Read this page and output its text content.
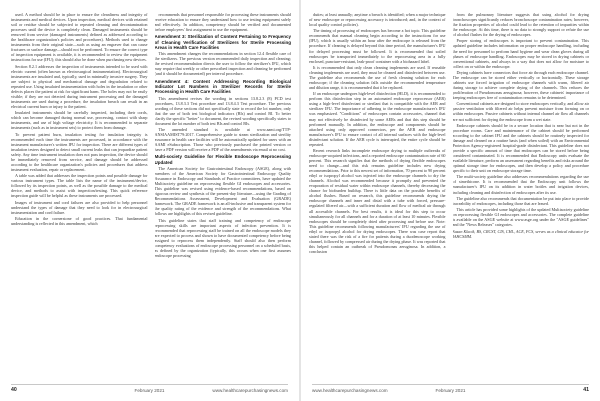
used. A method should be in place to ensure the cleanliness and integrity of instruments and medical devices. Upon inspection, medical devices with retained soil or residue should be subjected to repeated cleaning and decontamination processes until the device is completely clean. Damaged instruments should be removed from service (damaged instruments) defined as addressed according to the healthcare organization's policies and procedures). Methods used to change instruments from their original state—such as using an engraver that can cause fractures or surface damage—should not be performed. To ensure the correct type of inspection equipment is available, it is recommended to review the equipment instructions for use (IFU); this should also be done when purchasing new devices.

Section 8.2.1 addresses the inspection of instruments intended to be used with electric current (often known as electrosurgical instrumentation). Electrosurgical instruments are insulated and, typically, used in minimally invasive surgery. They are subject to physical and mechanical damage and degradation related to repeated use. Using insulated instrumentation with holes in the insulation or other defects places the patient at risk for significant harm. The holes may not be easily visible; if they are not detected during instrument processing and the damaged instruments are used during a procedure, the insulation breach can result in an electrical current burn or injury to the patient.

Insulated instruments should be carefully inspected, including their cords, which can become damaged during normal use, processing, contact with sharp instruments, and use of high voltage electricity. It is recommended to separate instruments (such as in instrument sets) to protect them from damage.

To prevent patient burn, insulation testing for insulation integrity is recommended each time the instruments are processed, in accordance with the instrument manufacturer's written IFU for inspection. There are different types of insulation testers designed to detect small current leaks that can jeopardize patient safety. Any time instrument insulation does not pass inspection, the device should be immediately removed from service, and damage should be addressed according to the healthcare organization's policies and procedures that address instrument evaluation, repair or replacement.

A table was added that addresses the inspection points and possible damage for various instrument types. The table lists the name of the instrument/device, followed by its inspection points, as well as the possible damage to the medical device, and methods to assist with inspection/testing. This quick reference inspection guide will be helpful as these instruments are processed.

Images of instrument and cord failures are also provided to help personnel understand the types of damage that they need to look for in electrosurgical instrumentation and cord failure.

Education in the cornerstone of good practices. That fundamental understanding is reflected in this amendment, which

recommends that personnel responsible for processing these instruments should receive education to ensure they understand how to use testing equipment safely and effectively. In addition, competency should be verified and documented before employees' first assignment to use the equipment.

Amendment 3: Sterilization of Content Pertaining to Frequency of Cleaning Verification of Sterilizers for Sterile Processing Areas in Health Care Facilities

This amendment changes the recommendations in section 12.4 flexible care of the sterilizers. The previous version recommended daily inspection and cleaning; the revised recommendation directs the user to follow the sterilizer's IFU, which may require that weekly or other prescribed inspection and cleaning be performed (and it should be documented) per interval procedure.

Amendment 4: Content Addressing Recording Biological Indicator Lot Numbers in Sterilizer Records for Sterile Processing in Health Care Facilities

This amendment revises the wording in sections 13.8.2.3 (8) PCD test procedures, 13.8.3.3 Test procedure and 13.8.4.3 Test procedure. The previous wording of these sections did not specifically state to record the lot number, only that the use of both test biological indicators (BIs) and control BI. To better clarify the specific "better" to document, the revised wording specifically states to document the lot number of both test BIs and control BIs.

The amended standard is available at www.aami.org/TTP-ANSIAAMIST79:2017. Comprehensive guide to steam sterilization and sterility assurance in health care facilities will be automatically updated for users with an AAMI eSubscription. Those who previously purchased the printed version or have a PDF version will receive a PDF of the amendments via email at no cost.

Multi-society Guideline for Flexible Endoscope Reprocessing Updated

The American Society for Gastrointestinal Endoscopy (ASGE), along with members of the American Society for Gastrointestinal Endoscopy Quality Assurance in Endoscopy and Standards of Practice committees, have updated the Multisociety guideline on reprocessing flexible GI endoscopes and accessories. This guideline was revised using evidence-based recommendations, based on rigorous review and synthesis of the present-day literature—using the Grading of Recommendations Assessment, Development and Evaluation (GRADE) framework. The GRADE framework is an all-inclusive and transparent system for the quality rating of the evidence and strength of the recommendations. What follows are highlights of this revised guideline.

This guideline states that staff training and competency of endoscope reprocessing skills are important aspects of infection prevention. It is recommended that reprocessing staff be trained on all the endoscope models they are expected to process and shown to have documented competency before being assigned to reprocess them independently. Staff should also then perform competency evaluations of endoscope processing personnel on a scheduled basis, as defined by the organization (typically, this occurs when one first assumes endoscope processing

40	February 2021	www.healthcarepurchasingnews.com

duties; at least annually; anytime a breach is identified; when a major technique of new endoscope or reprocessing accessory is introduced; and, in the context of local quality control policies).

The timing of processing of endoscopes has become a hot topic. This guideline recommends that manual cleaning begin according to the instructions for use (IFU), which is usually within an hour after the endoscope is released from the procedure. If cleaning is delayed beyond this time period, the manufacturer's IFU for delayed processing must be followed. It is recommended that soiled endoscopes be transported immediately to the reprocessing area in a fully enclosed, puncture-resistant, leak-proof container with a biohazard label.

It is recommended that only clean cleaning implements are used. If reusable cleaning implements are used, they must be cleaned and disinfected between use. The guideline also recommends the use of fresh cleaning solution for each endoscope; if the cleaning solution falls outside the recommended temperature and dilution range, it is recommended that it be replaced.

If an endoscope undergoes high-level disinfection (HLD), it is recommended to perform this disinfection step in an automated endoscope reprocessor (AER) using a high-level disinfectant or sterilant that is compatible with the AER and sterilizer IFU. The importance of adhering to the endoscope manufacturer's IFU was emphasized. "Conditions" of endoscopes contain accessories, channel that may not effectively be disinfected by some AERs and that this step should be performed manually. In addition, the endoscope and components should be attached using only approved connectors, per the AER and endoscope manufacturer's IFU to ensure contact of all internal surfaces with the high-level disinfectant solution. If the AER cycle is interrupted, the entire cycle should be repeated.

Recent research links incomplete endoscope drying to multiple outbreaks of endoscope-acquired infections, and a reported endoscope contamination rate of 60 percent. This research signifies that the methods of drying flexible endoscopes need to change—and this risk remains guideline includes new drying recommendations. Prior to this newest set of information, 70 percent to 90 percent ethyl or isopropyl alcohol was injected into the endoscope channels to dry the channels. Alcohol was recommended because it promptly and prevented the evaporation of residual water within endoscope channels, thereby decreasing the chance for bioburden buildup. There is little data on the possible benefits of alcohol flushes. Based on research, this guideline recommends drying the endoscope channels and inner and distal with a tube with forced, pressure-regulated filtered air—with a sufficient duration and flow of medical air through all accessible channels. For best results, it is ideal for this step to occur simultaneously for all channels and for a duration of at least 10 minutes. Flexible endoscopes should be completely dried after processing and before use. Note: This guideline recommends following manufacturers' IFU regarding the use of ethyl or isopropyl alcohol for drying endoscopes. There was case report that stated there was the risk of a fire for patients during a duodenoscope working channel, followed by compressed air during the drying phase. It was reported that this helped contain an outbreak of Pseudomonas aeruginosa. In addition, a conclusion

from the pulmonary literature suggests that using alcohol for drying bronchoscopes significantly reduces bronchoscope contamination rates; however, the fixation properties of alcohol could lead to the retention of impurities within the endoscope. At this time, there is no data to strongly support or refute the use of alcohol flushes for the drying of endoscopes.

Proper storing of endoscopes is important to prevent contamination. This updated guideline includes information on proper endoscope handling, including the need for personnel to perform hand hygiene and wear clean gloves during all phases of endoscope handling. Endoscopes may be stored in drying cabinets or conventional cabinets, and always in a way that does not allow for moisture to collect on or within the endoscope.

Drying cabinets have connectors that force air through each endoscope channel. The endoscope can be stored either vertically or horizontally. These storage cabinets use forced irrigation of endoscope channels with warm, filtered air during storage to achieve complete drying of the channels. This reduces the proliferation of Pseudomonas aeruginosa; however, these cabinets' importance of keeping endoscopes free of contamination remains to be determined.

Conventional cabinets are designed to store endoscopes vertically, and allow air passive ventilation with filtered air helps prevent moisture from forming on or within endoscopes. Passive cabinets without internal channel air flow all channels are not sufficient for drying the endoscope from a wet state.

Endoscope cabinets should be in a secure location that is near but not in the procedure rooms. Care and maintenance of the cabinet should be performed according to the cabinet IFU and the cabinets should be routinely inspected for damage and cleaned on a routine basis (and when soiled) with an Environmental Protection Agency-registered hospital-grade disinfectant. This guideline does not provide a specific amount of time that endoscopes can be stored before being considered contaminated. It is recommended that Endoscopy units evaluate the available literature, perform an assessment regarding benefits and risks around the optimal storage time for endoscopes, and then develop a policy and procedure specific to their unit on endoscope storage time.

The multi-society guideline also addresses recommendations regarding the use of simethicone. It is recommended that the Endoscopy unit follows the manufacturer's IFU on its addition in water bottles and irrigation devices, including cleaning and disinfection of endoscopes after its use.

The guideline also recommends that documentation be put into place to provide traceability of endoscopes, including those that are leased.

This article has provided some highlights of the updated Multisociety guideline on reprocessing flexible GI endoscopes and accessories. The complete guideline is available on the ASGE website at www.asge.org under the "ASGE guidelines" and the "News Releases" categories.

Susan Klacik, BS, CRCST, CIS, CHL, ACE, FCS, serves as a clinical educator for IAHCSMM.

www.healthcarepurchasingnews.com	February 2021	41
